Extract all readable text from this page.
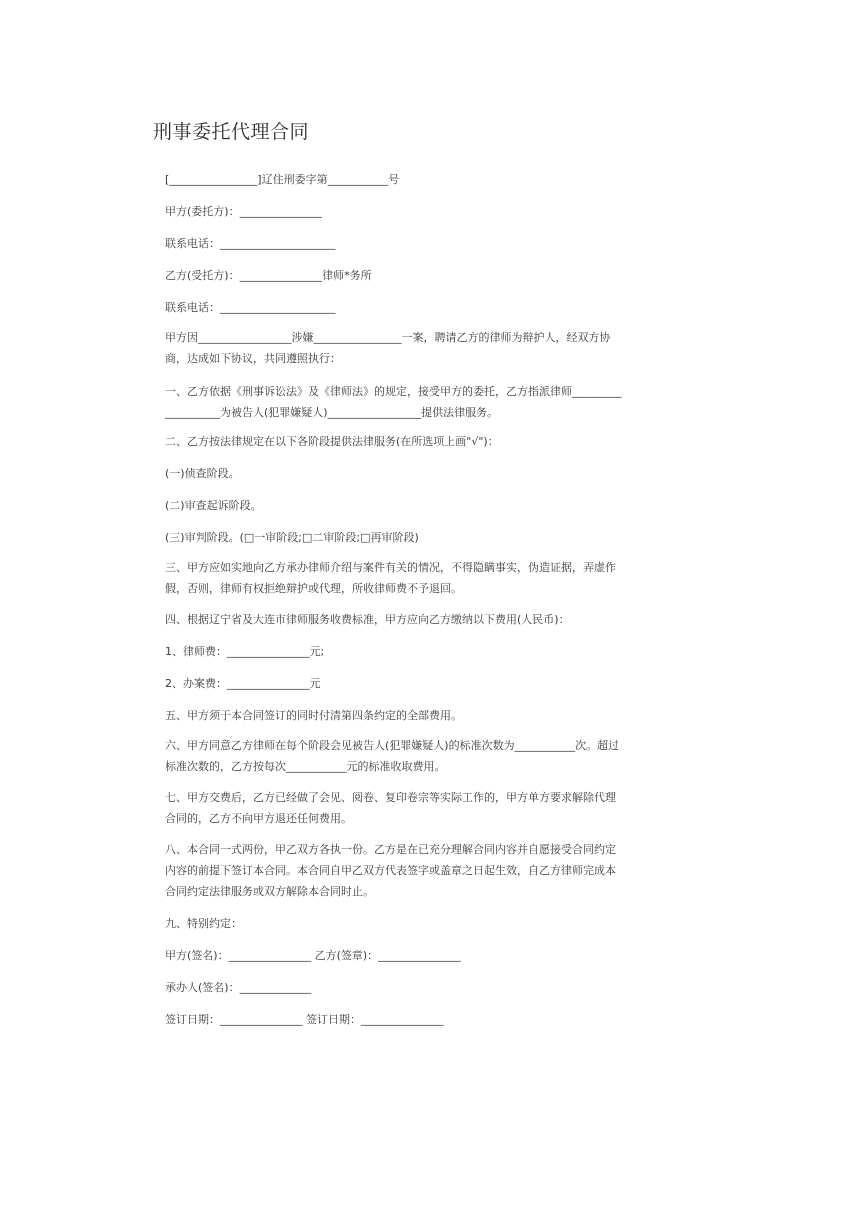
刑事委托代理合同

[________________]辽住刑委字第___________号

甲方(委托方)：_______________

联系电话：_____________________

乙方(受托方)：_______________律师*务所

联系电话：_____________________

甲方因_________________涉嫌________________一案，聘请乙方的律师为辩护人，经双方协商，达成如下协议，共同遵照执行：

一、乙方依据《刑事诉讼法》及《律师法》的规定，接受甲方的委托，乙方指派律师___________________为被告人(犯罪嫌疑人)_________________提供法律服务。

二、乙方按法律规定在以下各阶段提供法律服务(在所选项上画"√")：

(一)侦查阶段。

(二)审查起诉阶段。

(三)审判阶段。(□一审阶段;□二审阶段;□再审阶段)

三、甲方应如实地向乙方承办律师介绍与案件有关的情况，不得隐瞒事实，伪造证据，弄虚作假，否则，律师有权拒绝辩护或代理，所收律师费不予退回。

四、根据辽宁省及大连市律师服务收费标准，甲方应向乙方缴纳以下费用(人民币)：

1、律师费：_______________元;

2、办案费：_______________元

五、甲方须于本合同签订的同时付清第四条约定的全部费用。

六、甲方同意乙方律师在每个阶段会见被告人(犯罪嫌疑人)的标准次数为___________次。超过标准次数的，乙方按每次___________元的标准收取费用。

七、甲方交费后，乙方已经做了会见、阅卷、复印卷宗等实际工作的，甲方单方要求解除代理合同的，乙方不向甲方退还任何费用。

八、本合同一式两份，甲乙双方各执一份。乙方是在已充分理解合同内容并自愿接受合同约定内容的前提下签订本合同。本合同自甲乙双方代表签字或盖章之日起生效，自乙方律师完成本合同约定法律服务或双方解除本合同时止。

九、特别约定：

甲方(签名)：_______________ 乙方(签章)：_______________

承办人(签名)：_____________

签订日期：_______________ 签订日期：_______________
